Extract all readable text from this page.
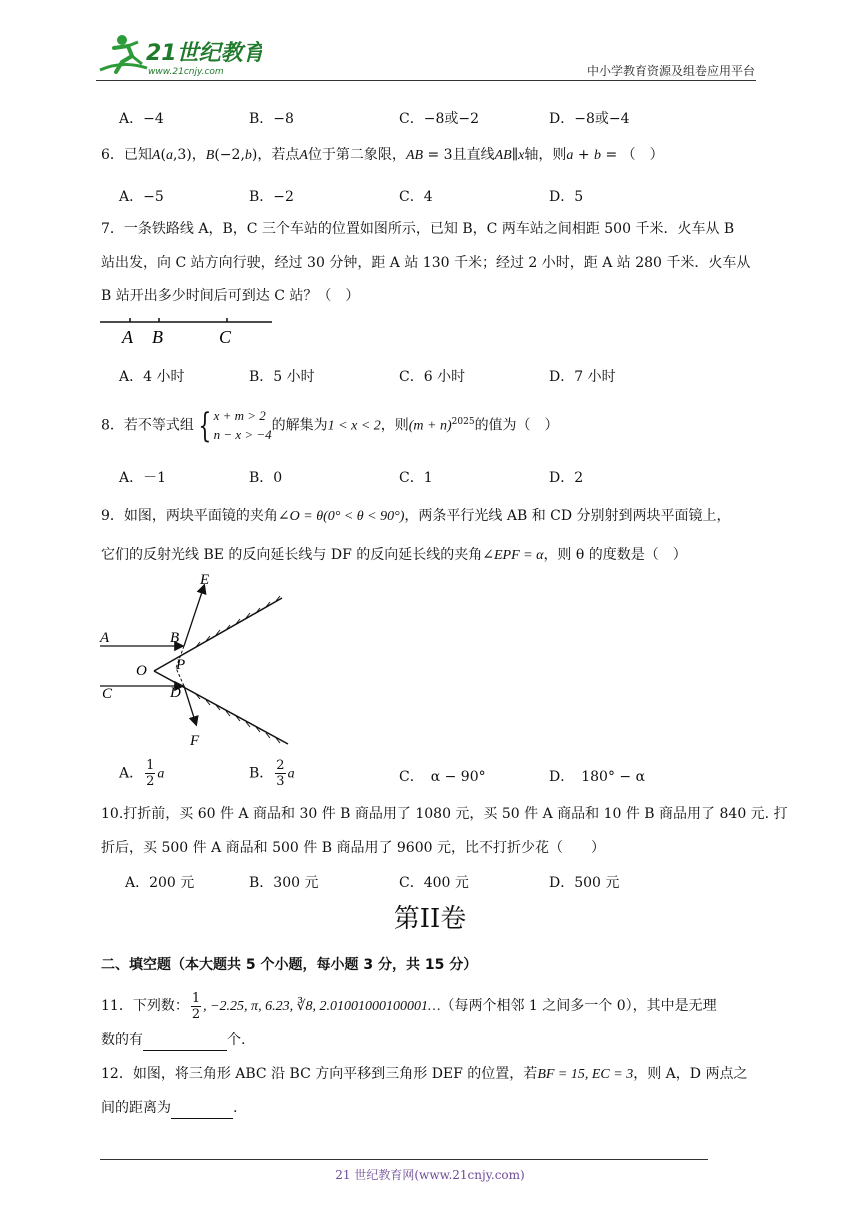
21世纪教育
www.21cnjy.com	中小学教育资源及组卷应用平台
A．−4	B．−8	C．−8或−2	D．−8或−4
6．已知A(a,3)，B(−2,b)，若点A位于第二象限，AB = 3且直线AB∥x轴，则a + b = （　）
A．−5	B．−2	C．4	D．5
7．一条铁路线 A，B，C 三个车站的位置如图所示，已知 B，C 两车站之间相距 500 千米．火车从 B
站出发，向 C 站方向行驶，经过 30 分钟，距 A 站 130 千米；经过 2 小时，距 A 站 280 千米．火车从
B 站开出多少时间后可到达 C 站？（　）
A B	C
A．4 小时	B．5 小时	C．6 小时	D．7 小时
8．若不等式组 { x + m > 2
n − x > −4的解集为1 < x < 2，则$(m + n)^{2025}$的值为（　）
A．－1	B．0	C．1	D．2
9．如图，两块平面镜的夹角∠O = θ(0° < θ < 90°)，两条平行光线 AB 和 CD 分别射到两块平面镜上，
它们的反射光线 BE 的反向延长线与 DF 的反向延长线的夹角∠EPF = α，则 θ 的度数是（　）
E
A	B
O P
C	D
F
A． $\frac{1}{2}$ a	B． $\frac{2}{3}$ a	C．　α − 90°	D．　180° − α
10.打折前，买 60 件 A 商品和 30 件 B 商品用了 1080 元，买 50 件 A 商品和 10 件 B 商品用了 840 元. 打
折后，买 500 件 A 商品和 500 件 B 商品用了 9600 元，比不打折少花（　　）
A．200 元	B．300 元	C．400 元	D．500 元
第II卷
二、填空题（本大题共 5 个小题，每小题 3 分，共 15 分）
11．下列数： $\frac{1}{2}$ , −2.25, π, 6.23, ∛8, 2.01001000100001…（每两个相邻 1 之间多一个 0），其中是无理
数的有	个.
12．如图，将三角形 ABC 沿 BC 方向平移到三角形 DEF 的位置，若BF = 15, EC = 3，则 A，D 两点之
间的距离为	.
21 世纪教育网(www.21cnjy.com)
